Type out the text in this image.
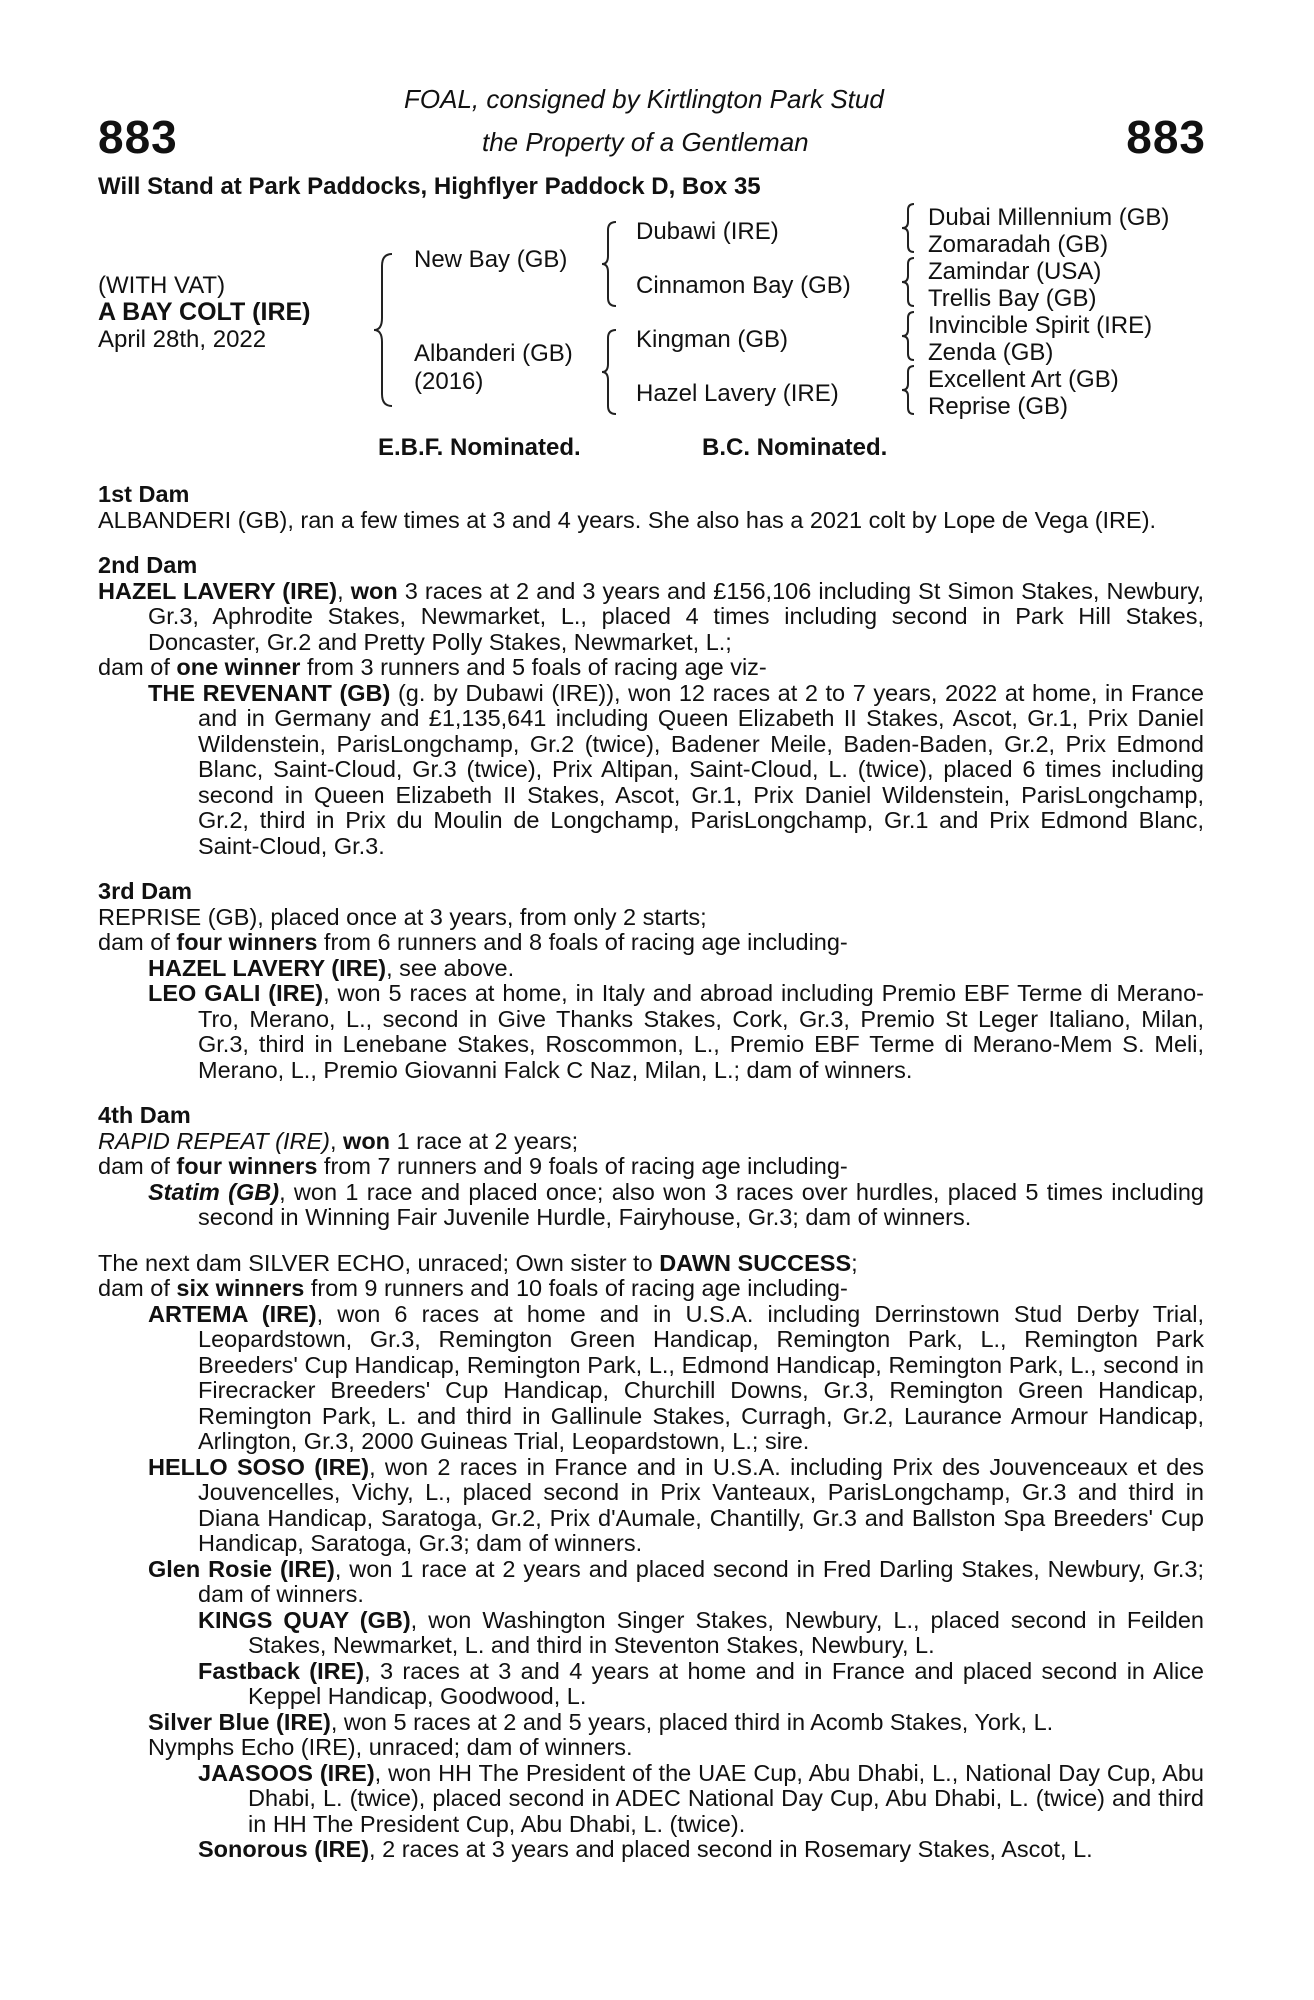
883	883
FOAL, consigned by Kirtlington Park Stud
the Property of a Gentleman
Will Stand at Park Paddocks, Highflyer Paddock D, Box 35
(WITH VAT)
A BAY COLT (IRE)
April 28th, 2022
New Bay (GB)
Albanderi (GB)
(2016)
Dubawi (IRE)
Cinnamon Bay (GB)
Kingman (GB)
Hazel Lavery (IRE)
Dubai Millennium (GB)
Zomaradah (GB)
Zamindar (USA)
Trellis Bay (GB)
Invincible Spirit (IRE)
Zenda (GB)
Excellent Art (GB)
Reprise (GB)
E.B.F. Nominated.	B.C. Nominated.

1st Dam

ALBANDERI (GB), ran a few times at 3 and 4 years. She also has a 2021 colt by Lope de Vega (IRE).

2nd Dam

HAZEL LAVERY (IRE), won 3 races at 2 and 3 years and £156,106 including St Simon Stakes, Newbury, Gr.3, Aphrodite Stakes, Newmarket, L., placed 4 times including second in Park Hill Stakes, Doncaster, Gr.2 and Pretty Polly Stakes, Newmarket, L.;

dam of one winner from 3 runners and 5 foals of racing age viz-

THE REVENANT (GB) (g. by Dubawi (IRE)), won 12 races at 2 to 7 years, 2022 at home, in France and in Germany and £1,135,641 including Queen Elizabeth II Stakes, Ascot, Gr.1, Prix Daniel Wildenstein, ParisLongchamp, Gr.2 (twice), Badener Meile, Baden-Baden, Gr.2, Prix Edmond Blanc, Saint-Cloud, Gr.3 (twice), Prix Altipan, Saint-Cloud, L. (twice), placed 6 times including second in Queen Elizabeth II Stakes, Ascot, Gr.1, Prix Daniel Wildenstein, ParisLongchamp, Gr.2, third in Prix du Moulin de Longchamp, ParisLongchamp, Gr.1 and Prix Edmond Blanc, Saint-Cloud, Gr.3.

3rd Dam

REPRISE (GB), placed once at 3 years, from only 2 starts;

dam of four winners from 6 runners and 8 foals of racing age including-

HAZEL LAVERY (IRE), see above.

LEO GALI (IRE), won 5 races at home, in Italy and abroad including Premio EBF Terme di Merano-Tro, Merano, L., second in Give Thanks Stakes, Cork, Gr.3, Premio St Leger Italiano, Milan, Gr.3, third in Lenebane Stakes, Roscommon, L., Premio EBF Terme di Merano-Mem S. Meli, Merano, L., Premio Giovanni Falck C Naz, Milan, L.; dam of winners.

4th Dam

RAPID REPEAT (IRE), won 1 race at 2 years;

dam of four winners from 7 runners and 9 foals of racing age including-

Statim (GB), won 1 race and placed once; also won 3 races over hurdles, placed 5 times including second in Winning Fair Juvenile Hurdle, Fairyhouse, Gr.3; dam of winners.

The next dam SILVER ECHO, unraced; Own sister to DAWN SUCCESS;

dam of six winners from 9 runners and 10 foals of racing age including-

ARTEMA (IRE), won 6 races at home and in U.S.A. including Derrinstown Stud Derby Trial, Leopardstown, Gr.3, Remington Green Handicap, Remington Park, L., Remington Park Breeders' Cup Handicap, Remington Park, L., Edmond Handicap, Remington Park, L., second in Firecracker Breeders' Cup Handicap, Churchill Downs, Gr.3, Remington Green Handicap, Remington Park, L. and third in Gallinule Stakes, Curragh, Gr.2, Laurance Armour Handicap, Arlington, Gr.3, 2000 Guineas Trial, Leopardstown, L.; sire.

HELLO SOSO (IRE), won 2 races in France and in U.S.A. including Prix des Jouvenceaux et des Jouvencelles, Vichy, L., placed second in Prix Vanteaux, ParisLongchamp, Gr.3 and third in Diana Handicap, Saratoga, Gr.2, Prix d'Aumale, Chantilly, Gr.3 and Ballston Spa Breeders' Cup Handicap, Saratoga, Gr.3; dam of winners.

Glen Rosie (IRE), won 1 race at 2 years and placed second in Fred Darling Stakes, Newbury, Gr.3; dam of winners.

KINGS QUAY (GB), won Washington Singer Stakes, Newbury, L., placed second in Feilden Stakes, Newmarket, L. and third in Steventon Stakes, Newbury, L.

Fastback (IRE), 3 races at 3 and 4 years at home and in France and placed second in Alice Keppel Handicap, Goodwood, L.

Silver Blue (IRE), won 5 races at 2 and 5 years, placed third in Acomb Stakes, York, L.

Nymphs Echo (IRE), unraced; dam of winners.

JAASOOS (IRE), won HH The President of the UAE Cup, Abu Dhabi, L., National Day Cup, Abu Dhabi, L. (twice), placed second in ADEC National Day Cup, Abu Dhabi, L. (twice) and third in HH The President Cup, Abu Dhabi, L. (twice).

Sonorous (IRE), 2 races at 3 years and placed second in Rosemary Stakes, Ascot, L.
